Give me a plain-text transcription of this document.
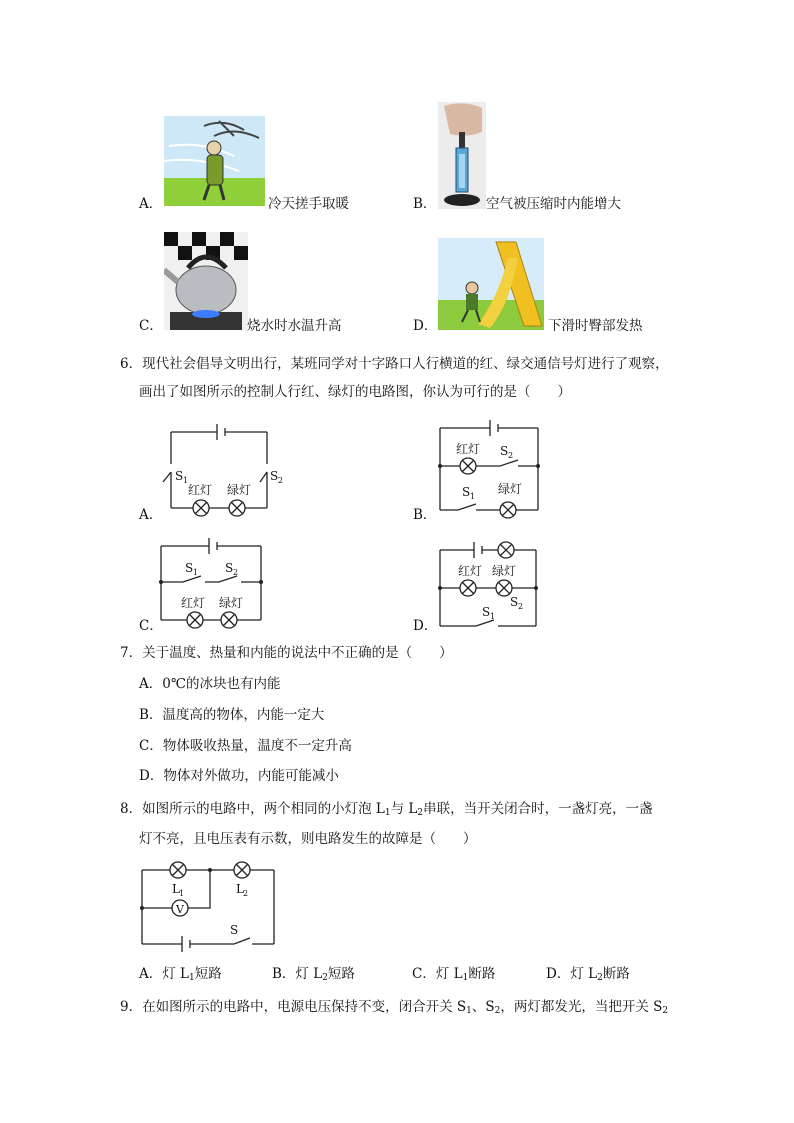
A．	冷天搓手取暖	B．	空气被压缩时内能增大
C．	烧水时水温升高	D．	下滑时臀部发热
6．现代社会倡导文明出行，某班同学对十字路口人行横道的红、绿交通信号灯进行了观察，
画出了如图所示的控制人行红、绿灯的电路图，你认为可行的是（　　）
A．
S 1	S 2
红灯 绿灯
B．
红灯 S 2
S 1
绿灯
C．
S 1 S 2
红灯 绿灯
D．
红灯 绿灯
S 2
S 1
7．关于温度、热量和内能的说法中不正确的是（　　）
A．0℃的冰块也有内能
B．温度高的物体，内能一定大
C．物体吸收热量，温度不一定升高
D．物体对外做功，内能可能减小
8．如图所示的电路中，两个相同的小灯泡 $L_1$与 $L_2$串联，当开关闭合时，一盏灯亮，一盏
灯不亮，且电压表有示数，则电路发生的故障是（　　）
L 1	L 2
V
S
A．灯 $L_1$短路	B．灯 $L_2$短路	C．灯 $L_1$断路	D．灯 $L_2$断路
9．在如图所示的电路中，电源电压保持不变，闭合开关 $S_1$、$S_2$，两灯都发光，当把开关 $S_2$
